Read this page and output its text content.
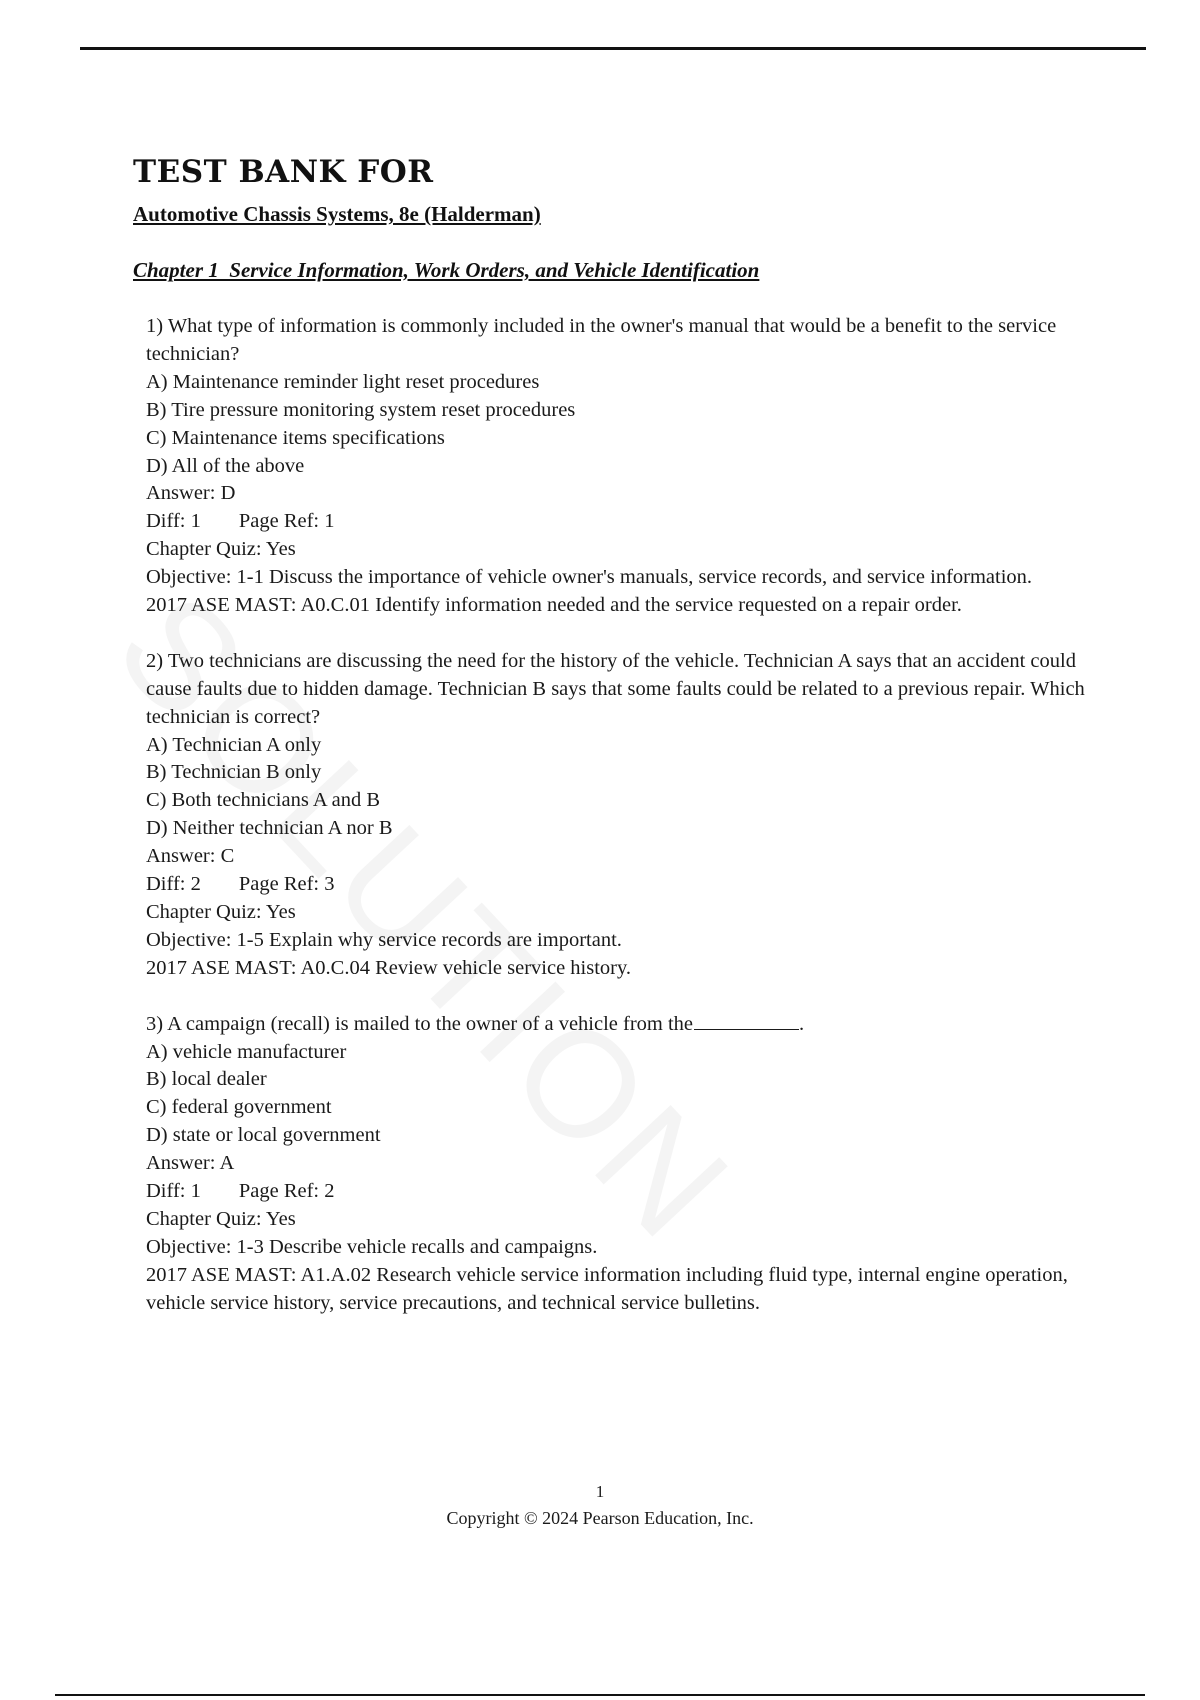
TEST BANK FOR
Automotive Chassis Systems, 8e (Halderman)
Chapter 1  Service Information, Work Orders, and Vehicle Identification
1) What type of information is commonly included in the owner's manual that would be a benefit to the service technician?
A) Maintenance reminder light reset procedures
B) Tire pressure monitoring system reset procedures
C) Maintenance items specifications
D) All of the above
Answer: D
Diff: 1 Page Ref: 1
Chapter Quiz: Yes
Objective: 1-1 Discuss the importance of vehicle owner's manuals, service records, and service information.
2017 ASE MAST: A0.C.01 Identify information needed and the service requested on a repair order.
2) Two technicians are discussing the need for the history of the vehicle. Technician A says that an accident could cause faults due to hidden damage. Technician B says that some faults could be related to a previous repair. Which technician is correct?
A) Technician A only
B) Technician B only
C) Both technicians A and B
D) Neither technician A nor B
Answer: C
Diff: 2 Page Ref: 3
Chapter Quiz: Yes
Objective: 1-5 Explain why service records are important.
2017 ASE MAST: A0.C.04 Review vehicle service history.
3) A campaign (recall) is mailed to the owner of a vehicle from the	.
A) vehicle manufacturer
B) local dealer
C) federal government
D) state or local government
Answer: A
Diff: 1 Page Ref: 2
Chapter Quiz: Yes
Objective: 1-3 Describe vehicle recalls and campaigns.
2017 ASE MAST: A1.A.02 Research vehicle service information including fluid type, internal engine operation, vehicle service history, service precautions, and technical service bulletins.
1
Copyright © 2024 Pearson Education, Inc.
